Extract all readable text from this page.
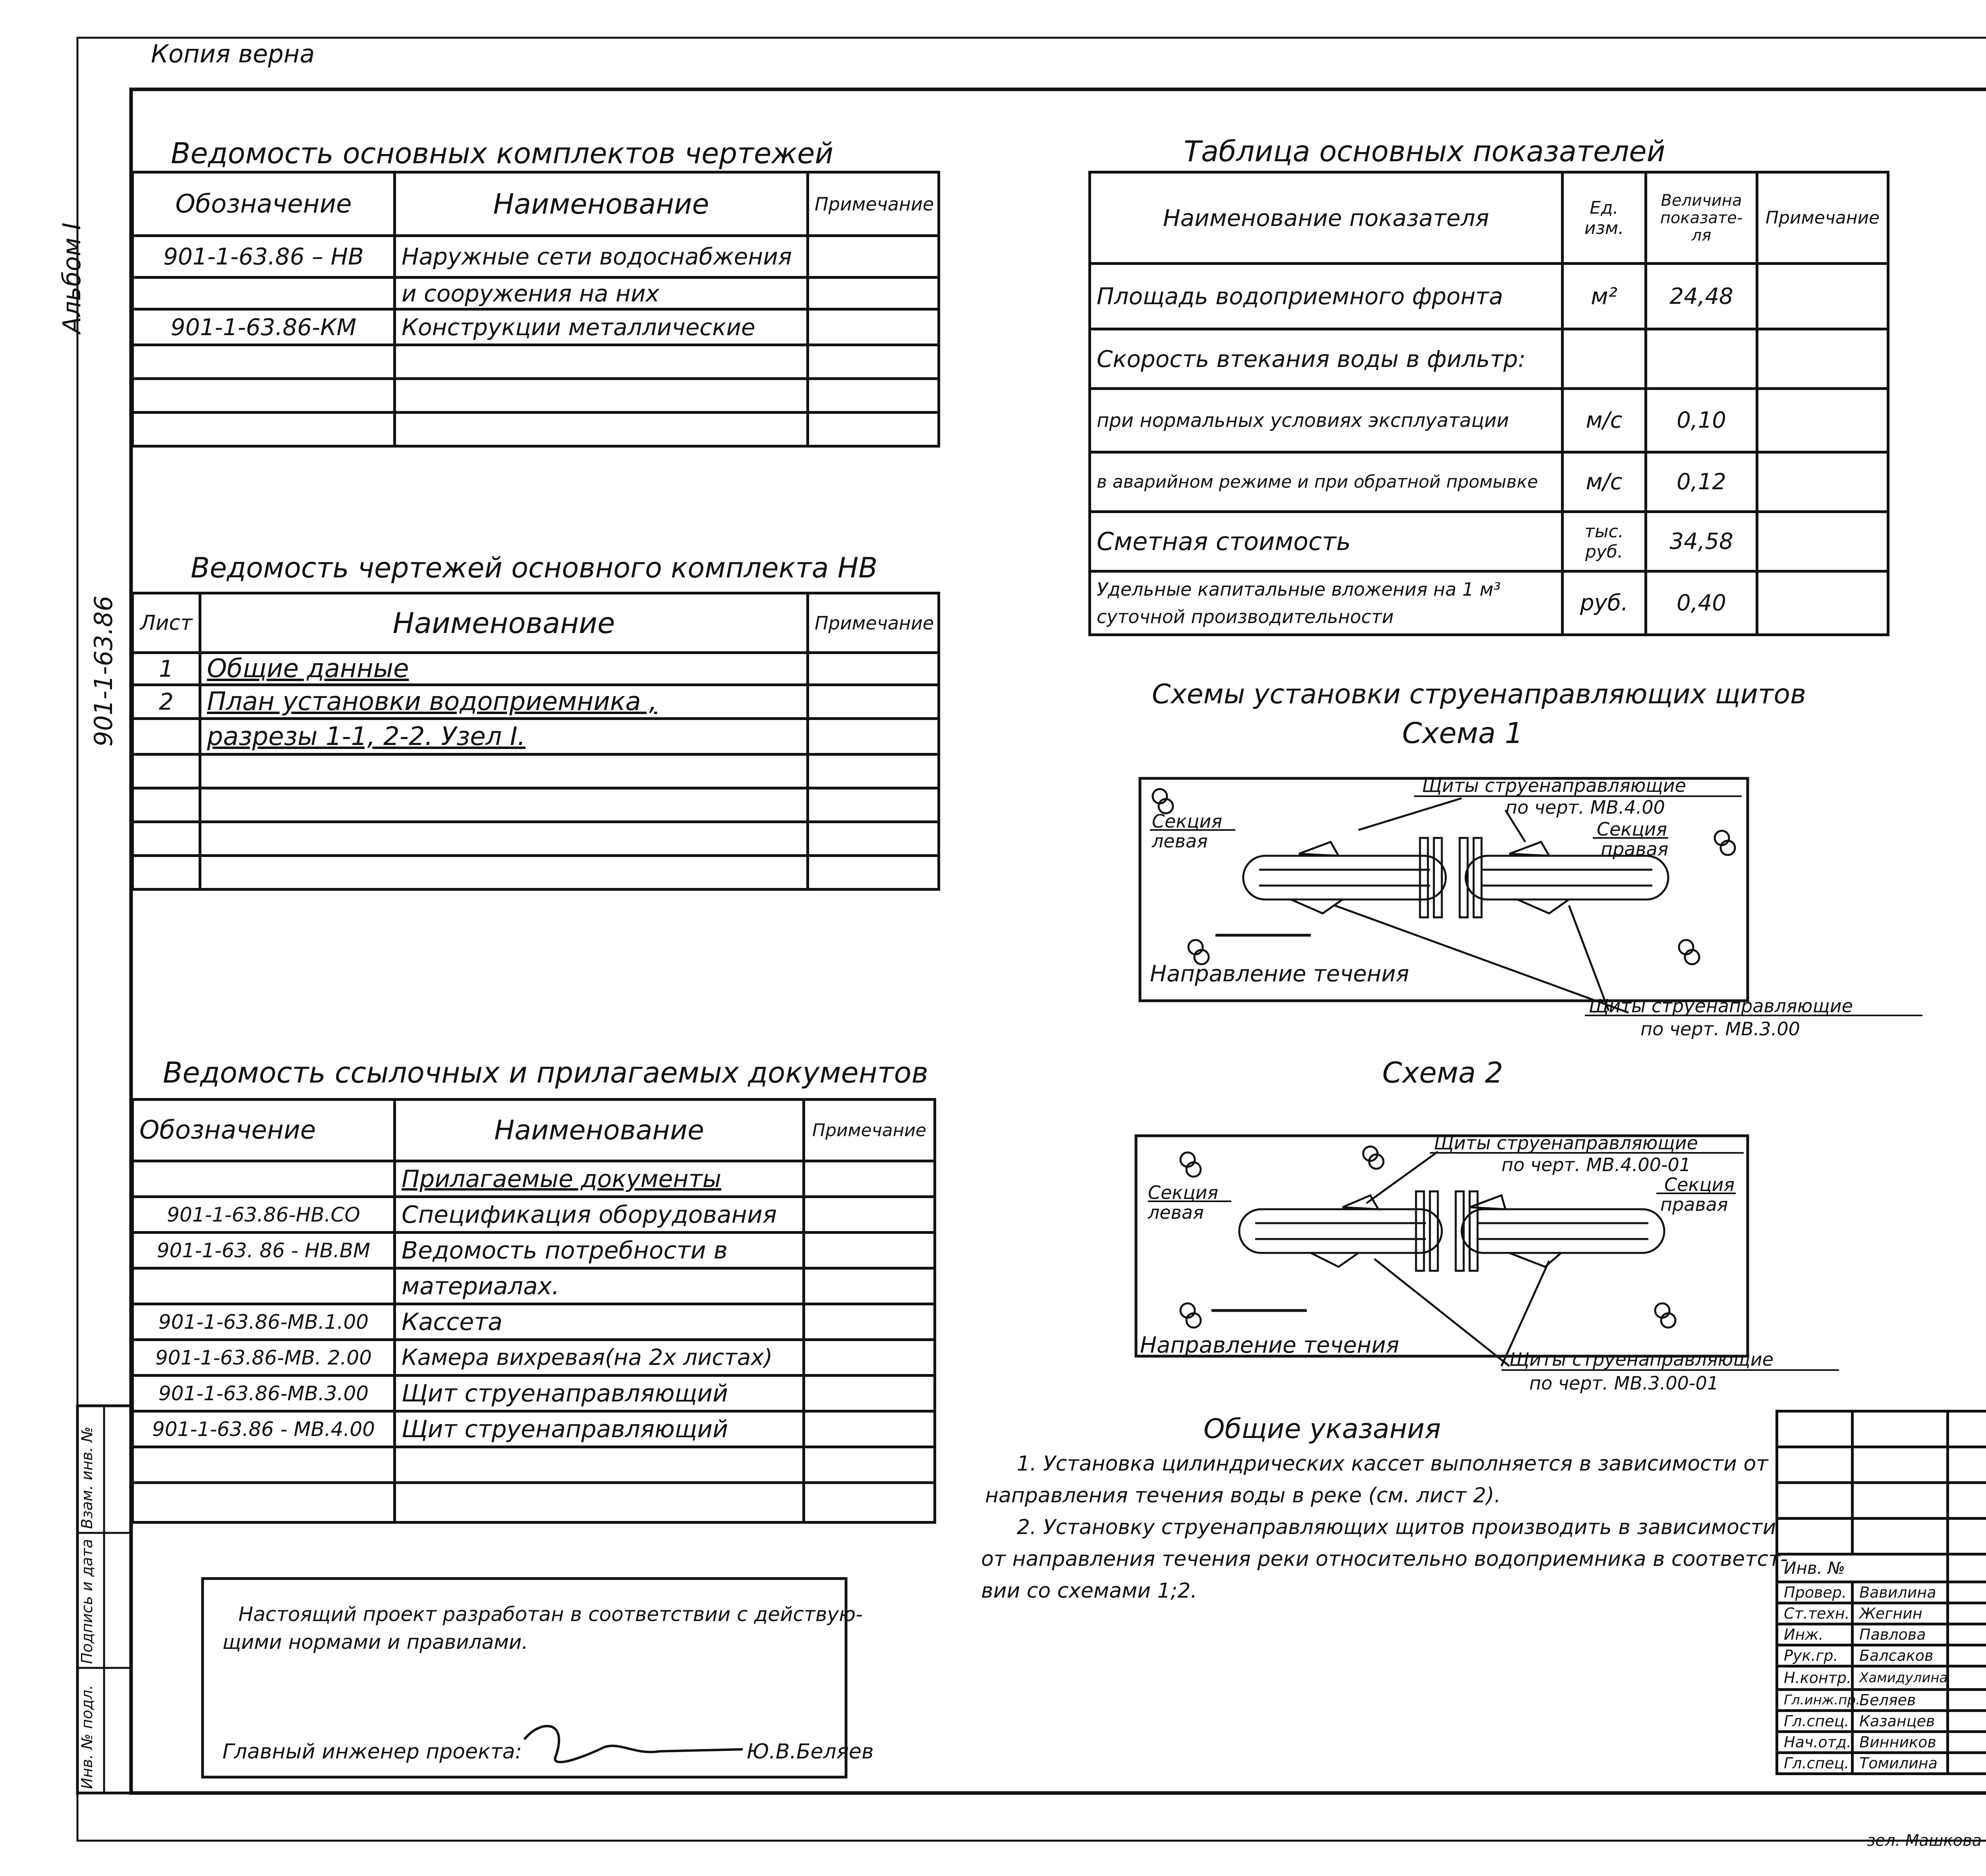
Копия верна
Альбом I
901-1-63.86
Инв. № подл.
Подпись и дата
Взам. инв. №
Ведомость основных комплектов чертежей
Обозначение	Наименование	Примечание
901-1-63.86 – НВ	Наружные сети водоснабжения	
	и сооружения на них	
901-1-63.86-КМ	Конструкции металлические	

Ведомость чертежей основного комплекта НВ
Лист	Наименование	Примечание
1	Общие данные	
2	План установки водоприемника ,	
	разрезы 1-1, 2-2. Узел I.	

Ведомость ссылочных и прилагаемых документов
Обозначение	Наименование	Примечание
	Прилагаемые документы	
901-1-63.86-НВ.СО	Спецификация оборудования	
901-1-63. 86 - НВ.ВМ	Ведомость потребности в	
	материалах.	
901-1-63.86-МВ.1.00	Кассета	
901-1-63.86-МВ. 2.00	Камера вихревая(на 2х листах)	
901-1-63.86-МВ.3.00	Щит струенаправляющий	
901-1-63.86 - МВ.4.00	Щит струенаправляющий	

Таблица основных показателей
Наименование показателя	Ед. изм.	Величина показате- ля	Примечание
Площадь водоприемного фронта	м²	24,48	
Скорость втекания воды в фильтр:			
при нормальных условиях эксплуатации	м/с	0,10	
в аварийном режиме и при обратной промывке	м/с	0,12	
Сметная стоимость	тыс. руб.	34,58	
Удельные капитальные вложения на 1 м³ суточной производительности	руб.	0,40	
Схемы установки струенаправляющих щитов
Схема 1
Щиты струенаправляющие
по черт. МВ.4.00
Секция
левая
Секция
правая
Направление течения
Щиты струенаправляющие
по черт. МВ.3.00
Схема 2
Щиты струенаправляющие
по черт. МВ.4.00-01
Секция
левая
Секция
правая
Направление течения
Щиты струенаправляющие
по черт. МВ.3.00-01
Общие указания
1. Установка цилиндрических кассет выполняется в зависимости от
направления течения воды в реке (см. лист 2).
2. Установку струенаправляющих щитов производить в зависимости
от направления течения реки относительно водоприемника в соответст-
вии со схемами 1;2.
Настоящий проект разработан в соответствии с действую-
щими нормами и правилами.
Главный инженер проекта:	Ю.В.Беляев

Инв. №					
Провер.	Вавилина			
Ст.техн.	Жегнин		
Инж.	Павлова		
Рук.гр.	Балсаков			

Н.контр.	Хамидулина					
Гл.инж.пр.	Беляев		
Гл.спец.	Казанцев				

Нач.отд.	Винников		
Гл.спец.	Томилина		
зел. Машкова
